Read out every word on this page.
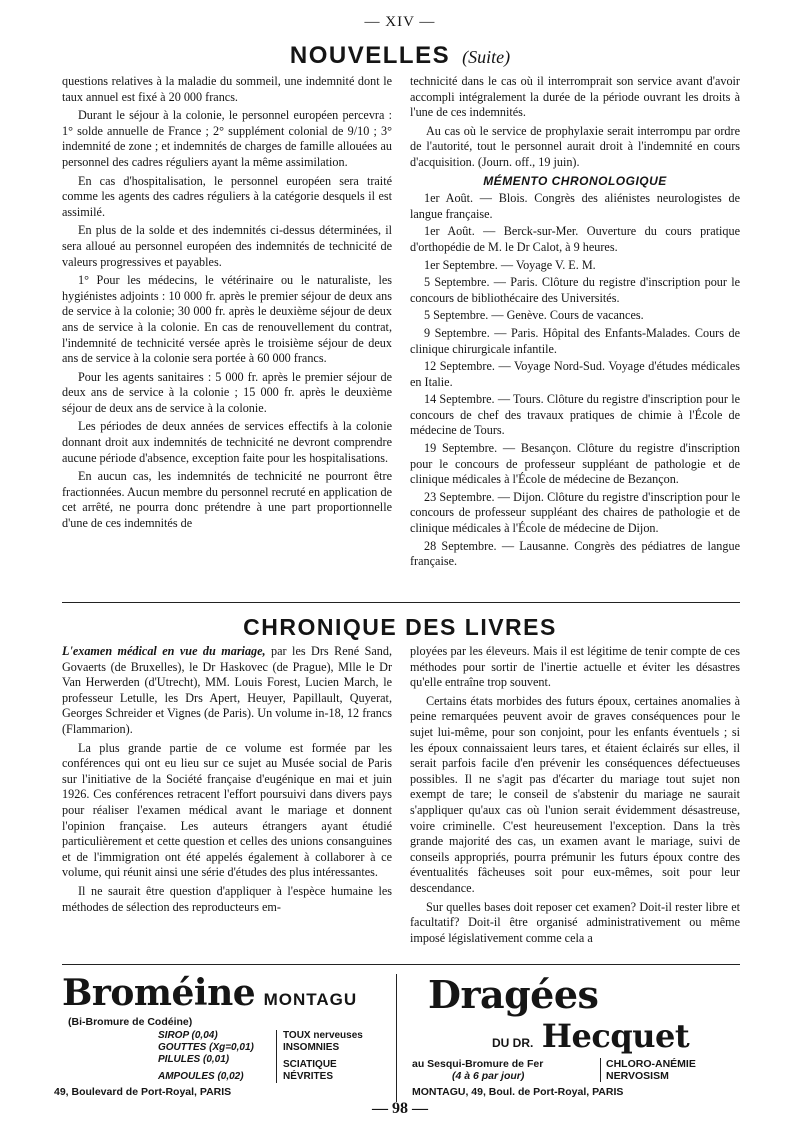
— XIV —
NOUVELLES (Suite)

questions relatives à la maladie du sommeil, une indemnité dont le taux annuel est fixé à 20 000 francs.

Durant le séjour à la colonie, le personnel européen percevra : 1° solde annuelle de France ; 2° supplément colonial de 9/10 ; 3° indemnité de zone ; et indemnités de charges de famille allouées au personnel des cadres réguliers ayant la même assimilation.

En cas d'hospitalisation, le personnel européen sera traité comme les agents des cadres réguliers à la catégorie desquels il est assimilé.

En plus de la solde et des indemnités ci-dessus déterminées, il sera alloué au personnel européen des indemnités de technicité de valeurs progressives et payables.

1° Pour les médecins, le vétérinaire ou le naturaliste, les hygiénistes adjoints : 10 000 fr. après le premier séjour de deux ans de service à la colonie; 30 000 fr. après le deuxième séjour de deux ans de service à la colonie. En cas de renouvellement du contrat, l'indemnité de technicité versée après le troisième séjour de deux ans de service à la colonie sera portée à 60 000 francs.

Pour les agents sanitaires : 5 000 fr. après le premier séjour de deux ans de service à la colonie ; 15 000 fr. après le deuxième séjour de deux ans de service à la colonie.

Les périodes de deux années de services effectifs à la colonie donnant droit aux indemnités de technicité ne devront comprendre aucune période d'absence, exception faite pour les hospitalisations.

En aucun cas, les indemnités de technicité ne pourront être fractionnées. Aucun membre du personnel recruté en application de cet arrêté, ne pourra donc prétendre à une part proportionnelle d'une de ces indemnités de

technicité dans le cas où il interromprait son service avant d'avoir accompli intégralement la durée de la période ouvrant les droits à l'une de ces indemnités.

Au cas où le service de prophylaxie serait interrompu par ordre de l'autorité, tout le personnel aurait droit à l'indemnité en cours d'acquisition. (Journ. off., 19 juin).

MÉMENTO CHRONOLOGIQUE

1er Août. — Blois. Congrès des aliénistes neurologistes de langue française.

1er Août. — Berck-sur-Mer. Ouverture du cours pratique d'orthopédie de M. le Dr Calot, à 9 heures.

1er Septembre. — Voyage V. E. M.

5 Septembre. — Paris. Clôture du registre d'inscription pour le concours de bibliothécaire des Universités.

5 Septembre. — Genève. Cours de vacances.

9 Septembre. — Paris. Hôpital des Enfants-Malades. Cours de clinique chirurgicale infantile.

12 Septembre. — Voyage Nord-Sud. Voyage d'études médicales en Italie.

14 Septembre. — Tours. Clôture du registre d'inscription pour le concours de chef des travaux pratiques de chimie à l'École de médecine de Tours.

19 Septembre. — Besançon. Clôture du registre d'inscription pour le concours de professeur suppléant de pathologie et de clinique médicales à l'École de médecine de Bezançon.

23 Septembre. — Dijon. Clôture du registre d'inscription pour le concours de professeur suppléant des chaires de pathologie et de clinique médicales à l'École de médecine de Dijon.

28 Septembre. — Lausanne. Congrès des pédiatres de langue française.

CHRONIQUE DES LIVRES

L'examen médical en vue du mariage, par les Drs René Sand, Govaerts (de Bruxelles), le Dr Haskovec (de Prague), Mlle le Dr Van Herwerden (d'Utrecht), MM. Louis Forest, Lucien March, le professeur Letulle, les Drs Apert, Heuyer, Papillault, Quyerat, Georges Schreider et Vignes (de Paris). Un volume in-18, 12 francs (Flammarion).

La plus grande partie de ce volume est formée par les conférences qui ont eu lieu sur ce sujet au Musée social de Paris sur l'initiative de la Société française d'eugénique en mai et juin 1926. Ces conférences retracent l'effort poursuivi dans divers pays pour réaliser l'examen médical avant le mariage et donnent l'opinion française. Les auteurs étrangers ayant étudié particulièrement et cette question et celles des unions consanguines et de l'immigration ont été appelés également à collaborer à ce volume, qui réunit ainsi une série d'études des plus intéressantes.

Il ne saurait être question d'appliquer à l'espèce humaine les méthodes de sélection des reproducteurs em-

ployées par les éleveurs. Mais il est légitime de tenir compte de ces méthodes pour sortir de l'inertie actuelle et éviter les désastres qu'elle entraîne trop souvent.

Certains états morbides des futurs époux, certaines anomalies à peine remarquées peuvent avoir de graves conséquences pour le sujet lui-même, pour son conjoint, pour les enfants éventuels ; si les époux connaissaient leurs tares, et étaient éclairés sur elles, il serait parfois facile d'en prévenir les conséquences défectueuses possibles. Il ne s'agit pas d'écarter du mariage tout sujet non exempt de tare; le conseil de s'abstenir du mariage ne saurait s'appliquer qu'aux cas où l'union serait évidemment désastreuse, voire criminelle. C'est heureusement l'exception. Dans la très grande majorité des cas, un examen avant le mariage, suivi de conseils appropriés, pourra prémunir les futurs époux contre des éventualités fâcheuses soit pour eux-mêmes, soit pour leur descendance.

Sur quelles bases doit reposer cet examen? Doit-il rester libre et facultatif? Doit-il être organisé administrativement ou même imposé législativement comme cela a

Broméine MONTAGU
(Bi-Bromure de Codéine)
SIROP (0,04)
GOUTTES (Xg=0,01)
PILULES (0,01)
AMPOULES (0,02)
TOUX nerveuses
INSOMNIES
SCIATIQUE
NÉVRITES
49, Boulevard de Port-Royal, PARIS
Dragées
DU DR. Hecquet
au Sesqui-Bromure de Fer
(4 à 6 par jour)
CHLORO-ANÉMIE
NERVOSISM
MONTAGU, 49, Boul. de Port-Royal, PARIS
— 98 —
